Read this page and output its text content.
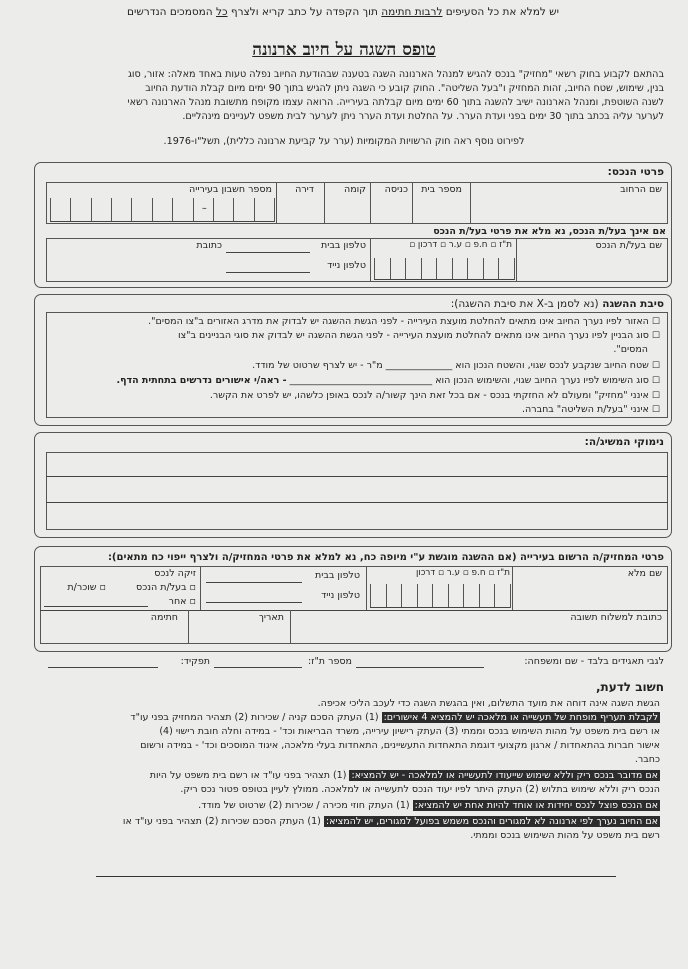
יש למלא את כל הסעיפים לרבות חתימה תוך הקפדה על כתב קריא ולצרף כל המסמכים הנדרשים
טופס השגה על חיוב ארנונה
בהתאם לקבוע בחוק רשאי "מחזיק" בנכס להגיש למנהל הארנונה השגה בטענה שבהודעת החיוב נפלה טעות באחד מאלה: אזור, סוג
בנין, שימוש, שטח החיוב, זהות המחזיק ו"בעל השליטה". החוק קובע כי השגה ניתן להגיש בתוך 90 ימים מיום קבלת הודעת החיוב
לשנה השוטפת, ומנהל הארנונה ישיב להשגה בתוך 60 ימים מיום קבלתה בעירייה. הרואה עצמו מקופח מתשובת מנהל הארנונה רשאי
לערער עליה בכתב בתוך 30 ימים בפני ועדת הערר. על החלטת ועדת הערר ניתן לערער לבית משפט לעניינים מינהליים.
לפירוט נוסף ראה חוק הרשויות המקומיות (ערר על קביעת ארנונה כללית), תשל"ו-1976.
פרטי הנכס:
שם הרחוב
מספר בית
כניסה
קומה
דירה
מספר חשבון בעירייה
–
אם אינך בעל/ת הנכס, נא מלא את פרטי בעל/ת הנכס
שם בעל/ת הנכס
ת"ז ▫ ח.פ ▫ ע.ר ▫ דרכון ▫
טלפון בבית
טלפון נייד
כתובת
סיבת ההשגה (נא לסמן ב-X את סיבת ההשגה):
☐ האזור לפיו נערך החיוב אינו מתאים להחלטת מועצת העירייה - לפני הגשת ההשגה יש לבדוק את מדרג האזורים ב"צו המסים".
☐ סוג הבניין לפיו נערך החיוב אינו מתאים להחלטת מועצת העירייה - לפני הגשת ההשגה יש לבדוק את סוגי הבניינים ב"צו
המסים".
☐ שטח החיוב שנקבע לנכס שגוי, והשטח הנכון הוא ______________ מ"ר - יש לצרף שרטוט של מודד.
☐ סוג השימוש לפיו נערך החיוב שגוי, והשימוש הנכון הוא ______________________________ - ראה/י אישורים נדרשים בתחתית הדף.
☐ אינני "מחזיק" ומעולם לא החזקתי בנכס - אם בכל זאת הינך קשור/ה לנכס באופן כלשהו, יש לפרט את הקשר.
☐ אינני "בעל/ת השליטה" בחברה.
נימוקי המשיג/ה:
פרטי המחזיק/ה הרשום בעירייה (אם ההשגה מוגשת ע"י מיופה כח, נא למלא את פרטי המחזיק/ה ולצרף ייפוי כח מתאים):
שם מלא
ת"ז ▫ ח.פ ▫ ע.ר ▫ דרכון
טלפון בבית
טלפון נייד
זיקה לנכס
▫ בעל/ת הנכס
▫ שוכר/ת
▫ אחר
כתובת למשלוח תשובה
תאריך
חתימה
לגבי תאגידים בלבד - שם ומשפחה:
מספר ת"ז:
תפקיד:
חשוב לדעת,
הגשת השגה אינה דוחה את מועד התשלום, ואין בהגשת השגה כדי לעכב הליכי אכיפה.
לקבלת תעריף מופחת של תעשייה או מלאכה יש להמציא 4 אישורים: (1) העתק הסכם קניה / שכירות (2) תצהיר המחזיק בפני עו"ד
או רשם בית משפט על מהות השימוש בנכס וממתי (3) העתק רישיון עירייה, משרד הבריאות וכד' - במידה וחלה חובת רישוי (4)
אישור חברות בהתאחדות / ארגון מקצועי דוגמת התאחדות התעשיינים, התאחדות בעלי מלאכה, איגוד המוסכים וכד' - במידה ורשום
כחבר.
אם מדובר בנכס ריק וללא שימוש שייעודו לתעשייה או למלאכה - יש להמציא: (1) תצהיר בפני עו"ד או רשם בית משפט על היות
הנכס ריק וללא שימוש בתלוש (2) העתק היתר לפיו יעוד הנכס לתעשייה או למלאכה. ממולץ לעיין בטופס פטור נכס ריק.
אם הנכס פוצל לנכס יחידות או אוחד להיות אחת יש להמציא: (1) העתק חוזי מכירה / שכירות (2) שרטוט של מודד.
אם החיוב נערך לפי ארנונה לא למגורים והנכס משמש בפועל למגורים, יש להמציא: (1) העתק הסכם שכירות (2) תצהיר בפני עו"ד או
רשם בית משפט על מהות השימוש בנכס וממתי.
